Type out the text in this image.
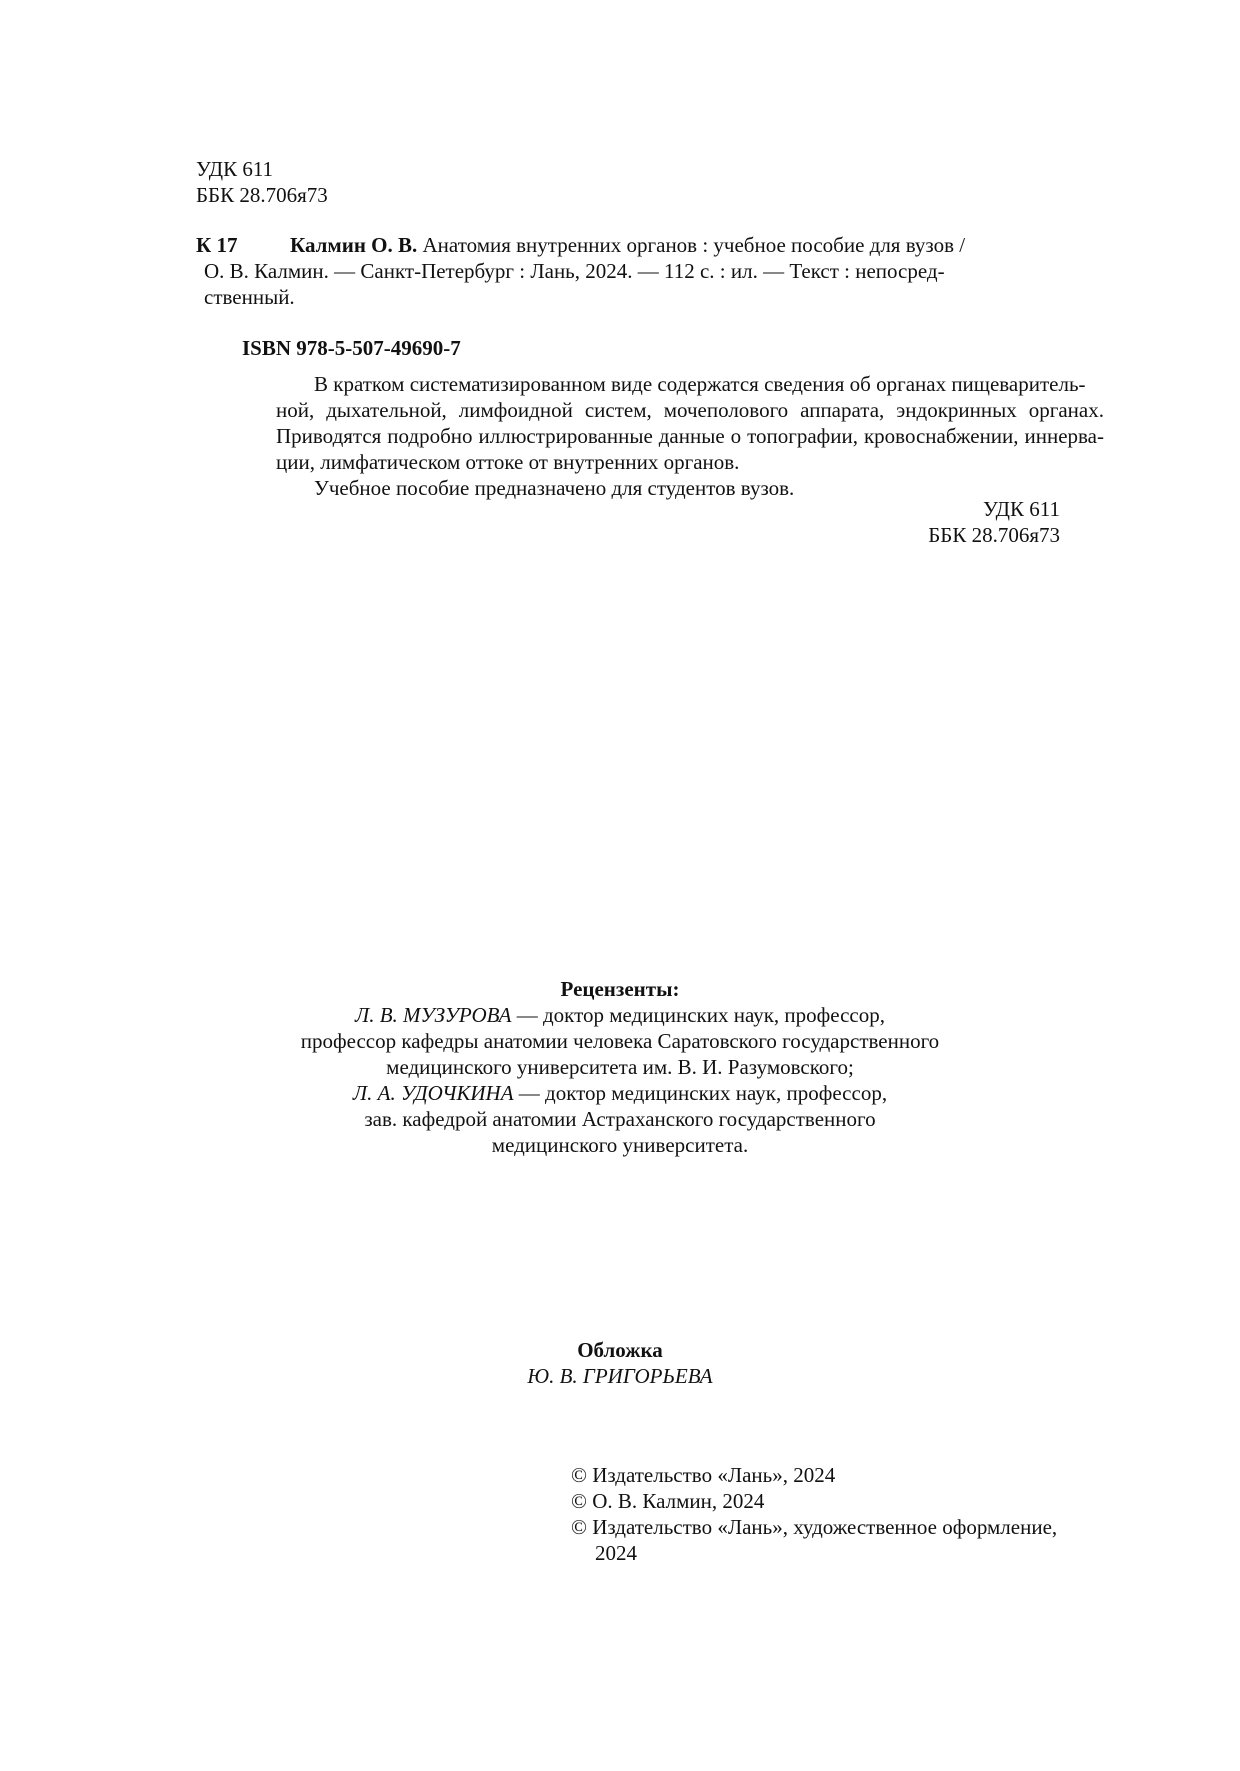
УДК 611
ББК 28.706я73
К 17	Калмин О. В. Анатомия внутренних органов : учебное пособие для вузов /
О. В. Калмин. — Санкт-Петербург : Лань, 2024. — 112 с. : ил. — Текст : непосред-
ственный.
ISBN 978-5-507-49690-7
В кратком систематизированном виде содержатся сведения об органах пищеваритель-
ной, дыхательной, лимфоидной систем, мочеполового аппарата, эндокринных органах.
Приводятся подробно иллюстрированные данные о топографии, кровоснабжении, иннерва-
ции, лимфатическом оттоке от внутренних органов.
Учебное пособие предназначено для студентов вузов.
УДК 611
ББК 28.706я73
Рецензенты:
Л. В. МУЗУРОВА — доктор медицинских наук, профессор,
профессор кафедры анатомии человека Саратовского государственного
медицинского университета им. В. И. Разумовского;
Л. А. УДОЧКИНА — доктор медицинских наук, профессор,
зав. кафедрой анатомии Астраханского государственного
медицинского университета.
Обложка
Ю. В. ГРИГОРЬЕВА
© Издательство «Лань», 2024
© О. В. Калмин, 2024
© Издательство «Лань», художественное оформление,
2024
